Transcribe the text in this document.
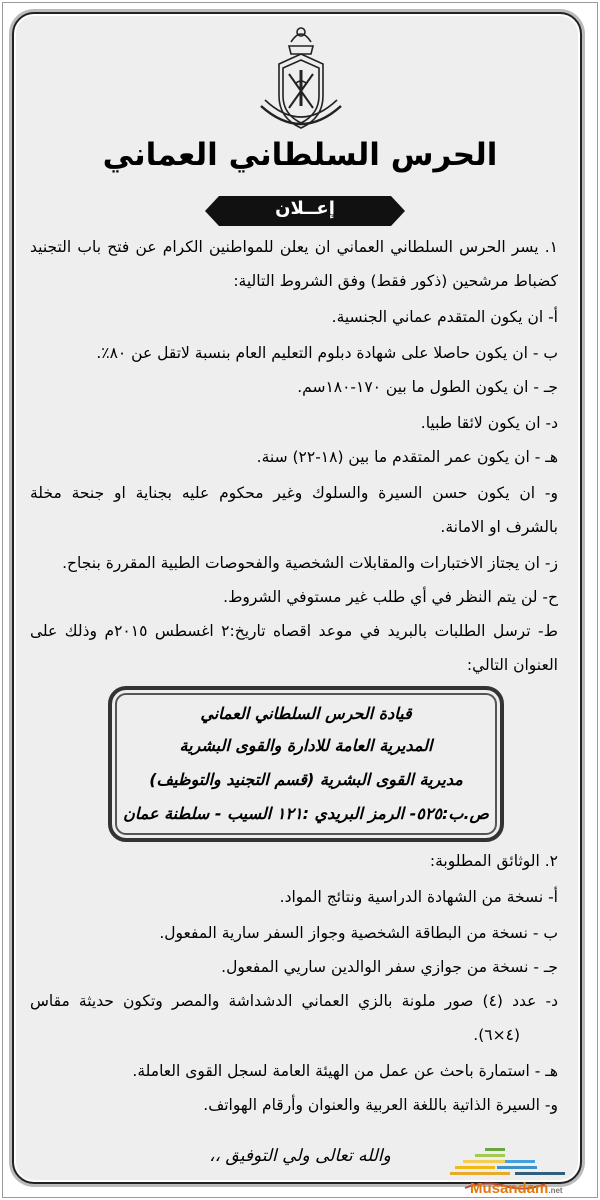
الحرس السلطاني العماني
إعــلان
١. يسر الحرس السلطاني العماني ان يعلن للمواطنين الكرام عن فتح باب التجنيد
كضباط مرشحين (ذكور فقط) وفق الشروط التالية:
أ- ان يكون المتقدم عماني الجنسية.
ب - ان يكون حاصلا على شهادة دبلوم التعليم العام بنسبة لاتقل عن ٨٠٪.
جـ - ان يكون الطول ما بين ١٧٠-١٨٠سم.
د- ان يكون لائقا طبيا.
هـ - ان يكون عمر المتقدم ما بين (١٨-٢٢) سنة.
و- ان يكون حسن السيرة والسلوك وغير محكوم عليه بجناية او جنحة مخلة
بالشرف او الامانة.
ز- ان يجتاز الاختبارات والمقابلات الشخصية والفحوصات الطبية المقررة بنجاح.
ح- لن يتم النظر في أي طلب غير مستوفي الشروط.
ط- ترسل الطلبات بالبريد في موعد اقصاه تاريخ:٢ اغسطس ٢٠١٥م وذلك على
العنوان التالي:
قيادة الحرس السلطاني العماني
المديرية العامة للادارة والقوى البشرية
مديرية القوى البشرية (قسم التجنيد والتوظيف)
ص.ب:٥٢٥- الرمز البريدي :١٢١ السيب - سلطنة عمان
٢. الوثائق المطلوبة:
أ- نسخة من الشهادة الدراسية ونتائج المواد.
ب - نسخة من البطاقة الشخصية وجواز السفر سارية المفعول.
جـ - نسخة من جوازي سفر الوالدين ساريي المفعول.
د- عدد (٤) صور ملونة بالزي العماني الدشداشة والمصر وتكون حديثة مقاس
(٤×٦).
هـ - استمارة باحث عن عمل من الهيئة العامة لسجل القوى العاملة.
و- السيرة الذاتية باللغة العربية والعنوان وأرقام الهواتف.
والله تعالى ولي التوفيق ،،
Musandam.net
